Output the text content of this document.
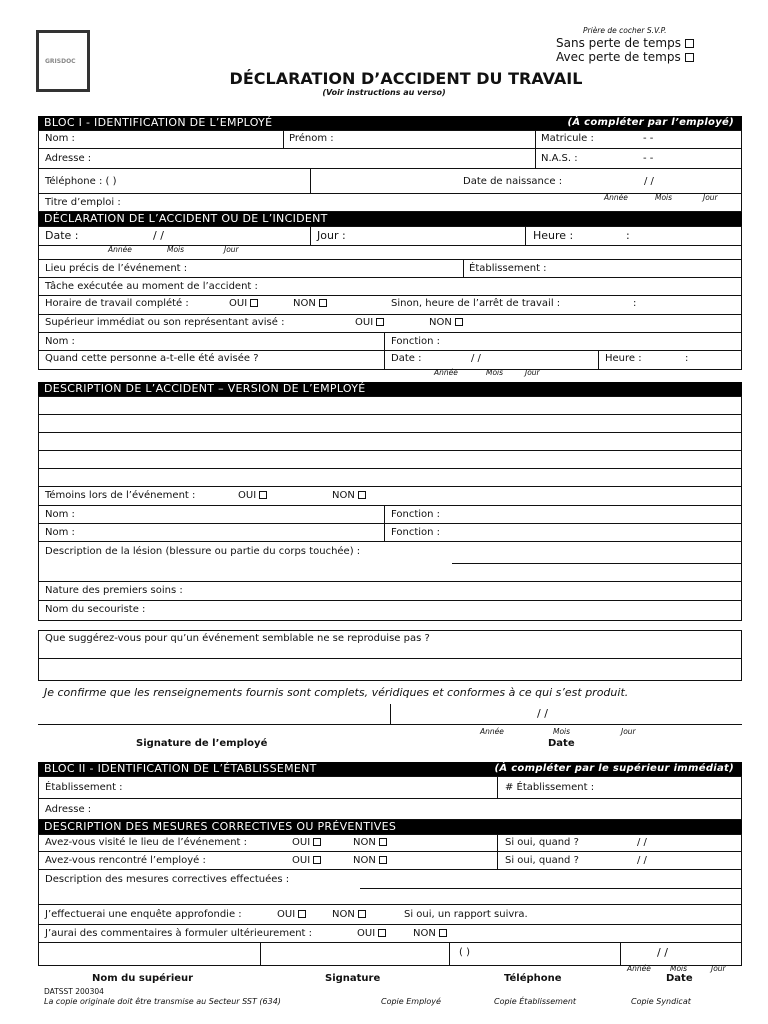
GRISDOC
Prière de cocher S.V.P.
Sans perte de temps
Avec perte de temps
DÉCLARATION D’ACCIDENT DU TRAVAIL
(Voir instructions au verso)
BLOC I - IDENTIFICATION DE L’EMPLOYÉ	(À compléter par l’employé)
Nom :	Prénom :	Matricule :	- -
Adresse :	N.A.S. :	- -
Téléphone : ( )	Date de naissance :	/ /
Année	Mois	Jour
Titre d’emploi :
DÉCLARATION DE L’ACCIDENT OU DE L’INCIDENT
Date :	/ /	Jour :	Heure :	:
Année	Mois	Jour
Lieu précis de l’événement :	Établissement :
Tâche exécutée au moment de l’accident :
Horaire de travail complété :	OUI	NON	Sinon, heure de l’arrêt de travail :	:
Supérieur immédiat ou son représentant avisé :	OUI	NON
Nom :	Fonction :
Quand cette personne a-t-elle été avisée ?	Date :	/ /	Heure :	:
Année	Mois	Jour
DESCRIPTION DE L’ACCIDENT – VERSION DE L’EMPLOYÉ
Témoins lors de l’événement :	OUI	NON
Nom :	Fonction :
Nom :	Fonction :
Description de la lésion (blessure ou partie du corps touchée) :
Nature des premiers soins :
Nom du secouriste :
Que suggérez-vous pour qu’un événement semblable ne se reproduise pas ?
Je confirme que les renseignements fournis sont complets, véridiques et conformes à ce qui s’est produit.
/ /
Année	Mois	Jour
Signature de l’employé	Date
BLOC II - IDENTIFICATION DE L’ÉTABLISSEMENT	(À compléter par le supérieur immédiat)
Établissement :	# Établissement :
Adresse :
DESCRIPTION DES MESURES CORRECTIVES OU PRÉVENTIVES
Avez-vous visité le lieu de l’événement :	OUI	NON	Si oui, quand ?	/ /
Avez-vous rencontré l’employé :	OUI	NON	Si oui, quand ?	/ /
Description des mesures correctives effectuées :
J’effectuerai une enquête approfondie :	OUI	NON	Si oui, un rapport suivra.
J’aurai des commentaires à formuler ultérieurement :	OUI	NON
( )	/ /
Année	Mois	Jour
Nom du supérieur	Signature	Téléphone	Date
DATSST 200304
La copie originale doit être transmise au Secteur SST (634)	Copie Employé	Copie Établissement	Copie Syndicat
